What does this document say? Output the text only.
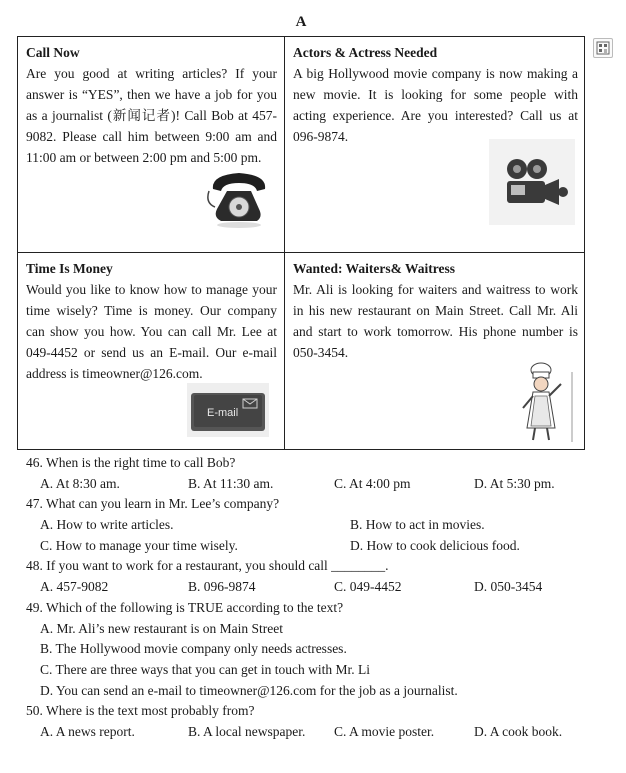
A
Call Now
Are you good at writing articles? If your answer is “YES”, then we have a job for you as a journalist (新闻记者)! Call Bob at 457-9082. Please call him between 9:00 am and 11:00 am or between 2:00 pm and 5:00 pm.
Actors & Actress Needed
A big Hollywood movie company is now making a new movie. It is looking for some people with acting experience. Are you interested? Call us at 096-9874.
Time Is Money
Would you like to know how to manage your time wisely? Time is money. Our company can show you how. You can call Mr. Lee at 049-4452 or send us an E-mail. Our e-mail address is timeowner@126.com.
E-mail
Wanted: Waiters& Waitress
Mr. Ali is looking for waiters and waitress to work in his new restaurant on Main Street. Call Mr. Ali and start to work tomorrow. His phone number is 050-3454.
46. When is the right time to call Bob?
A. At 8:30 am.	B. At 11:30 am.	C. At 4:00 pm	D. At 5:30 pm.
47. What can you learn in Mr. Lee’s company?
A. How to write articles.	B. How to act in movies.
C. How to manage your time wisely.	D. How to cook delicious food.
48. If you want to work for a restaurant, you should call ________.
A. 457-9082	B. 096-9874	C. 049-4452	D. 050-3454
49. Which of the following is TRUE according to the text?
A. Mr. Ali’s new restaurant is on Main Street
B. The Hollywood movie company only needs actresses.
C. There are three ways that you can get in touch with Mr. Li
D. You can send an e-mail to timeowner@126.com for the job as a journalist.
50. Where is the text most probably from?
A. A news report.	B. A local newspaper. C. A movie poster.	D. A cook book.
